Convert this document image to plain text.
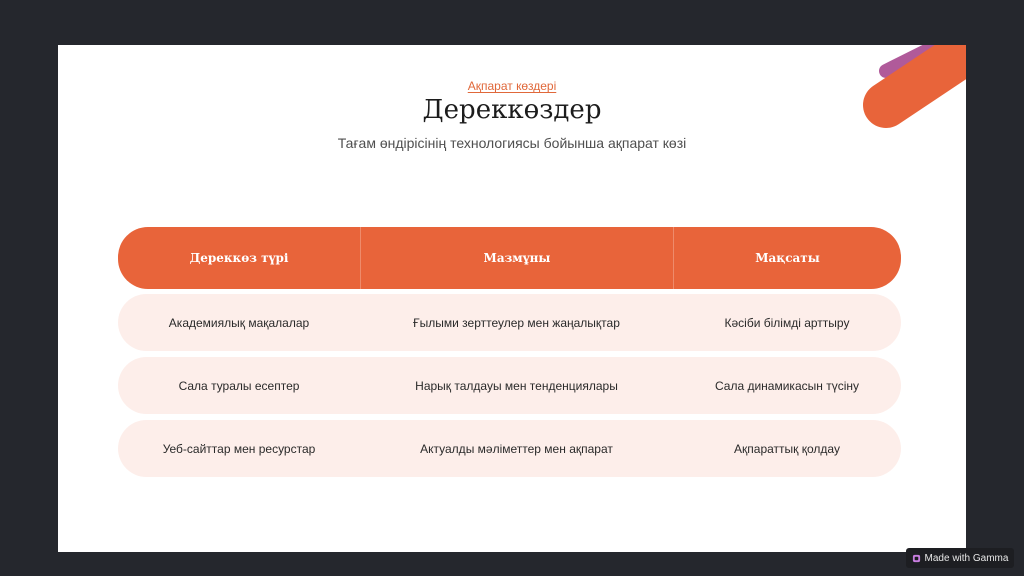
Ақпарат көздері
Дереккөздер
Тағам өндірісінің технологиясы бойынша ақпарат көзі
Дереккөз түрі	Мазмұны	Мақсаты
Академиялық мақалалар	Ғылыми зерттеулер мен жаңалықтар	Кәсіби білімді арттыру
Сала туралы есептер	Нарық талдауы мен тенденциялары	Сала динамикасын түсіну
Уеб-сайттар мен ресурстар	Актуалды мәліметтер мен ақпарат	Ақпараттық қолдау
Made with Gamma
